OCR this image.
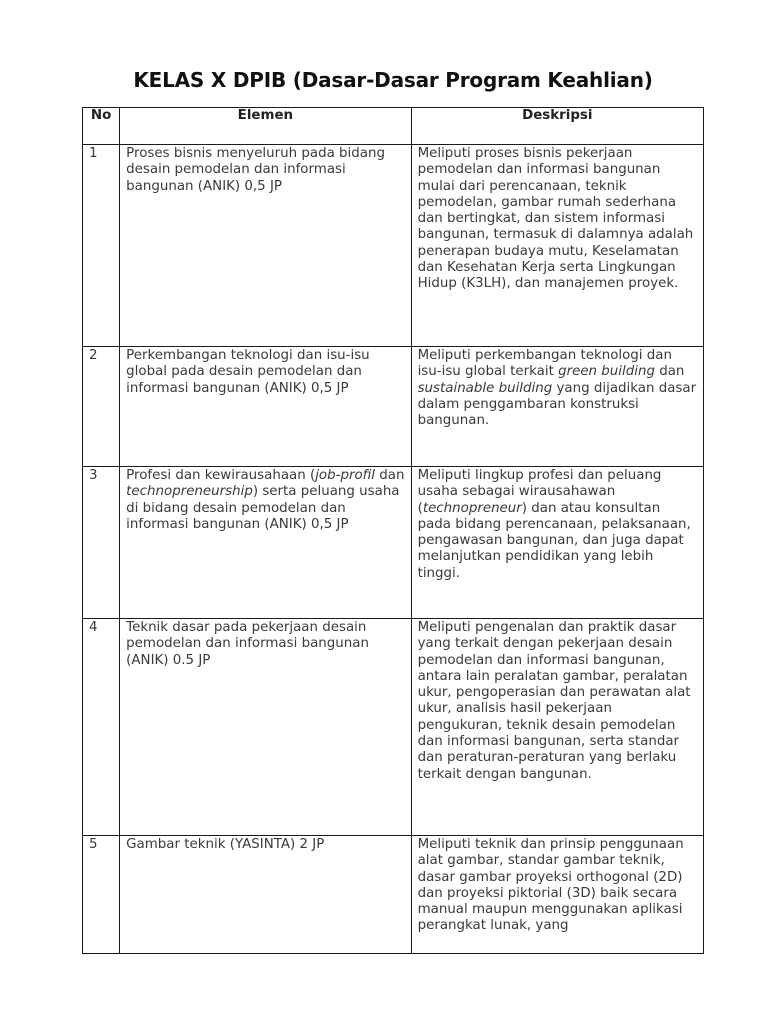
KELAS X DPIB (Dasar-Dasar Program Keahlian)
No	Elemen	Deskripsi
1	Proses bisnis menyeluruh pada bidang desain pemodelan dan informasi bangunan (ANIK) 0,5 JP	Meliputi proses bisnis pekerjaan pemodelan dan informasi bangunan mulai dari perencanaan, teknik pemodelan, gambar rumah sederhana dan bertingkat, dan sistem informasi bangunan, termasuk di dalamnya adalah penerapan budaya mutu, Keselamatan dan Kesehatan Kerja serta Lingkungan Hidup (K3LH), dan manajemen proyek.
2	Perkembangan teknologi dan isu-isu global pada desain pemodelan dan informasi bangunan (ANIK) 0,5 JP	Meliputi perkembangan teknologi dan isu-isu global terkait green building dan sustainable building yang dijadikan dasar dalam penggambaran konstruksi bangunan.
3	Profesi dan kewirausahaan (job-profil dan technopreneurship) serta peluang usaha di bidang desain pemodelan dan informasi bangunan (ANIK) 0,5 JP	Meliputi lingkup profesi dan peluang usaha sebagai wirausahawan (technopreneur) dan atau konsultan pada bidang perencanaan, pelaksanaan, pengawasan bangunan, dan juga dapat melanjutkan pendidikan yang lebih tinggi.
4	Teknik dasar pada pekerjaan desain pemodelan dan informasi bangunan (ANIK) 0.5 JP	Meliputi pengenalan dan praktik dasar yang terkait dengan pekerjaan desain pemodelan dan informasi bangunan, antara lain peralatan gambar, peralatan ukur, pengoperasian dan perawatan alat ukur, analisis hasil pekerjaan pengukuran, teknik desain pemodelan dan informasi bangunan, serta standar dan peraturan-peraturan yang berlaku terkait dengan bangunan.
5	Gambar teknik (YASINTA) 2 JP	Meliputi teknik dan prinsip penggunaan alat gambar, standar gambar teknik, dasar gambar proyeksi orthogonal (2D) dan proyeksi piktorial (3D) baik secara manual maupun menggunakan aplikasi perangkat lunak, yang
